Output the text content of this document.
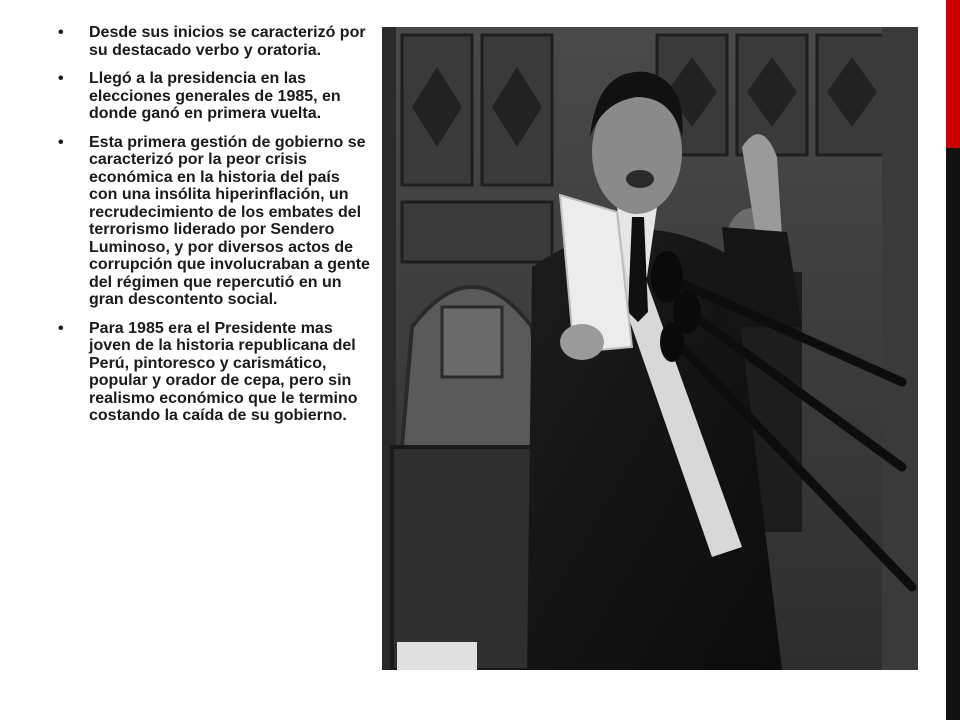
• Desde sus inicios se caracterizó por su destacado verbo y oratoria.
• Llegó a la presidencia en las elecciones generales de 1985, en donde ganó en primera vuelta.
• Esta primera gestión de gobierno se caracterizó por la peor crisis económica en la historia del país con una insólita hiperinflación, un recrudecimiento de los embates del terrorismo liderado por Sendero Luminoso, y por diversos actos de corrupción que involucraban a gente del régimen que repercutió en un gran descontento social.
• Para 1985 era el Presidente mas joven de la historia republicana del Perú, pintoresco y carismático, popular y orador de cepa, pero sin realismo económico que le termino costando la caída de su gobierno.
